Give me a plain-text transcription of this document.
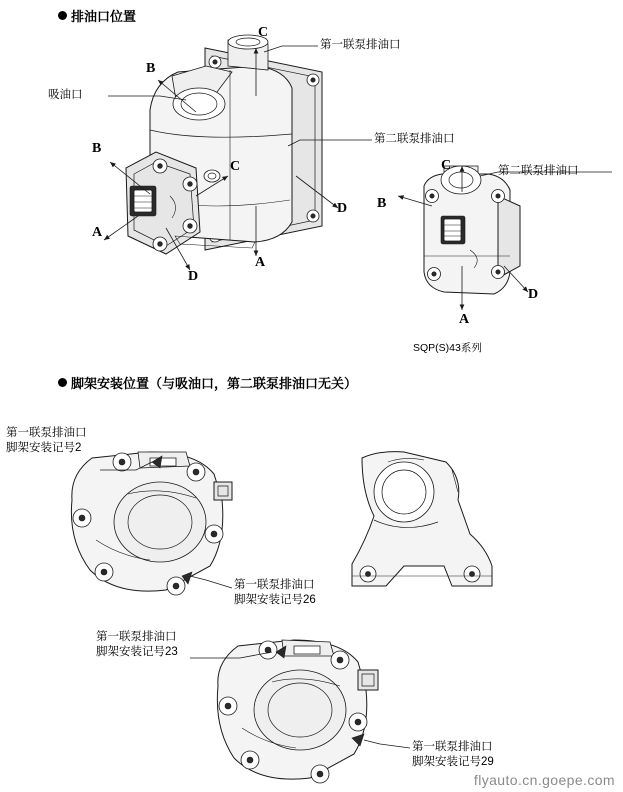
排油口位置
脚架安装位置（与吸油口，第二联泵排油口无关）
吸油口
第一联泵排油口
第二联泵排油口
C
B
B
C
A
D
D
A
第二联泵排油口
C
B
A
D
SQP(S)43系列
第一联泵排油口
脚架安装记号2
第一联泵排油口
脚架安装记号26
第一联泵排油口
脚架安装记号23
第一联泵排油口
脚架安装记号29
flyauto.cn.goepe.com
